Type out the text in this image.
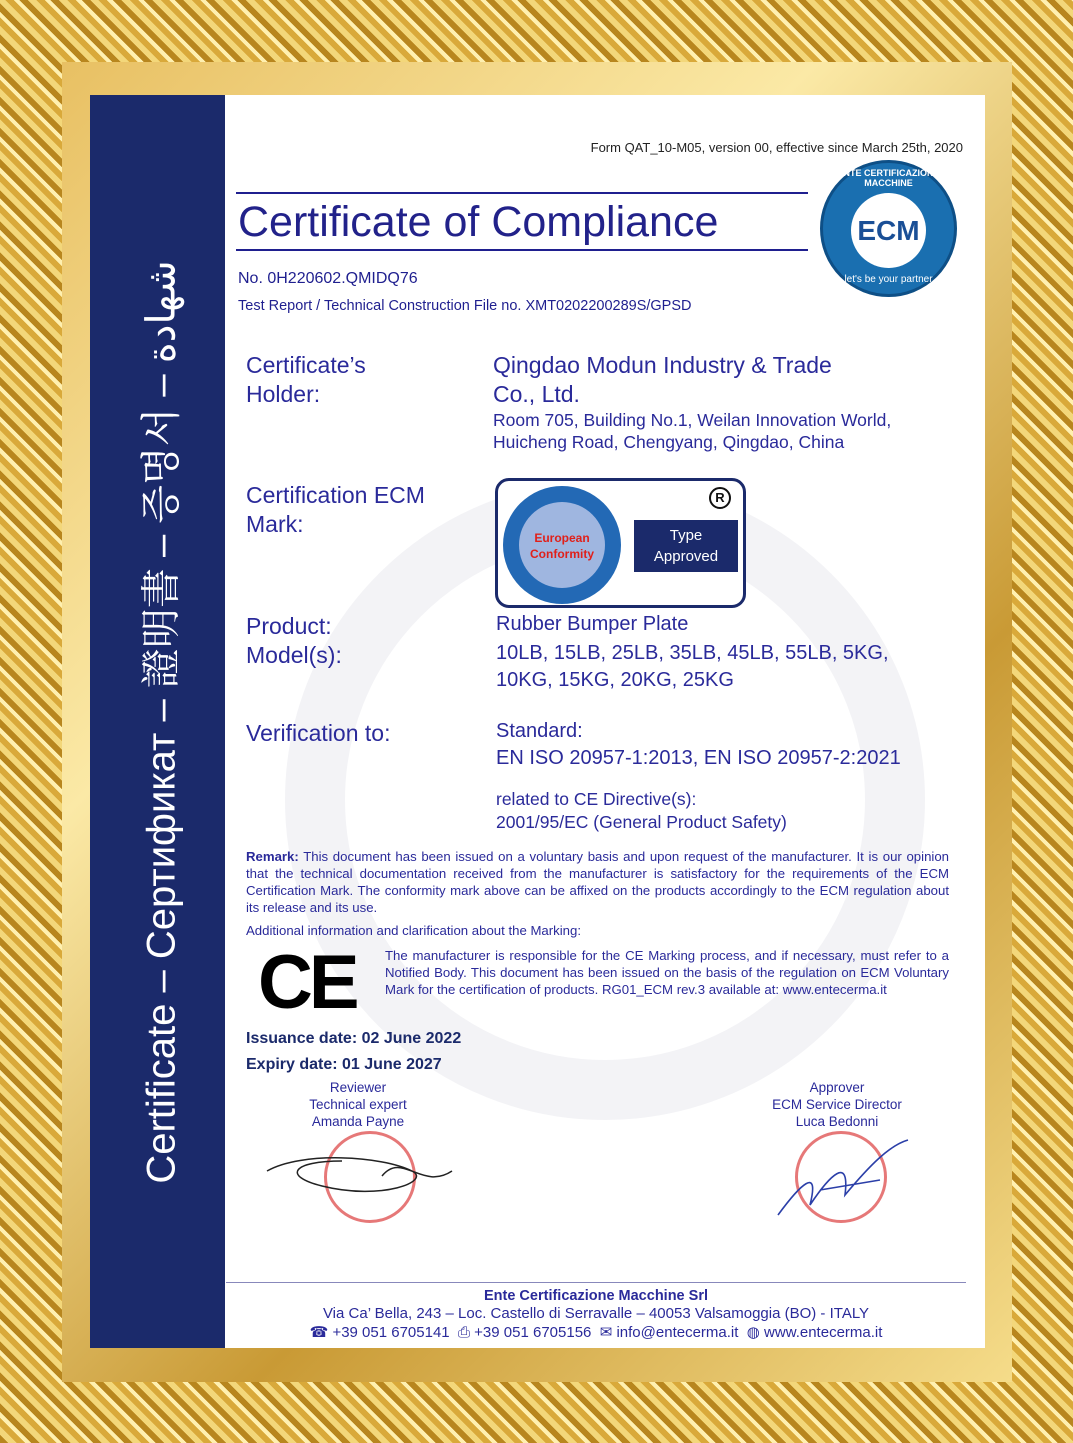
Certificate – Сертификат – 證明書 – 증명서 – شهادة
Form QAT_10-M05, version 00, effective since March 25th, 2020
Certificate of Compliance
No. 0H220602.QMIDQ76
Test Report / Technical Construction File no. XMT0202200289S/GPSD
ECM
ENTE CERTIFICAZIONE MACCHINE
let's be your partner
Certificate’s
Holder:
Qingdao Modun Industry & Trade
Co., Ltd.
Room 705, Building No.1, Weilan Innovation World,
Huicheng Road, Chengyang, Qingdao, China
Certification ECM
Mark:
European Conformity
R
Type
Approved
Product:
Model(s):
Rubber Bumper Plate
10LB, 15LB, 25LB, 35LB, 45LB, 55LB, 5KG,
10KG, 15KG, 20KG, 25KG
Verification to:	Standard:
EN ISO 20957-1:2013, EN ISO 20957-2:2021
related to CE Directive(s):
2001/95/EC (General Product Safety)
Remark: This document has been issued on a voluntary basis and upon request of the manufacturer. It is our opinion that the technical documentation received from the manufacturer is satisfactory for the requirements of the ECM Certification Mark. The conformity mark above can be affixed on the products accordingly to the ECM regulation about its release and its use.
Additional information and clarification about the Marking:
CE	The manufacturer is responsible for the CE Marking process, and if necessary, must refer to a Notified Body. This document has been issued on the basis of the regulation on ECM Voluntary Mark for the certification of products. RG01_ECM rev.3 available at: www.entecerma.it
Issuance date: 02 June 2022
Expiry date: 01 June 2027
Reviewer
Technical expert
Amanda Payne
Approver
ECM Service Director
Luca Bedonni
Ente Certificazione Macchine Srl
Via Ca’ Bella, 243 – Loc. Castello di Serravalle – 40053 Valsamoggia (BO) - ITALY
☎ +39 051 6705141 ⎙ +39 051 6705156 ✉ info@entecerma.it ◍ www.entecerma.it
